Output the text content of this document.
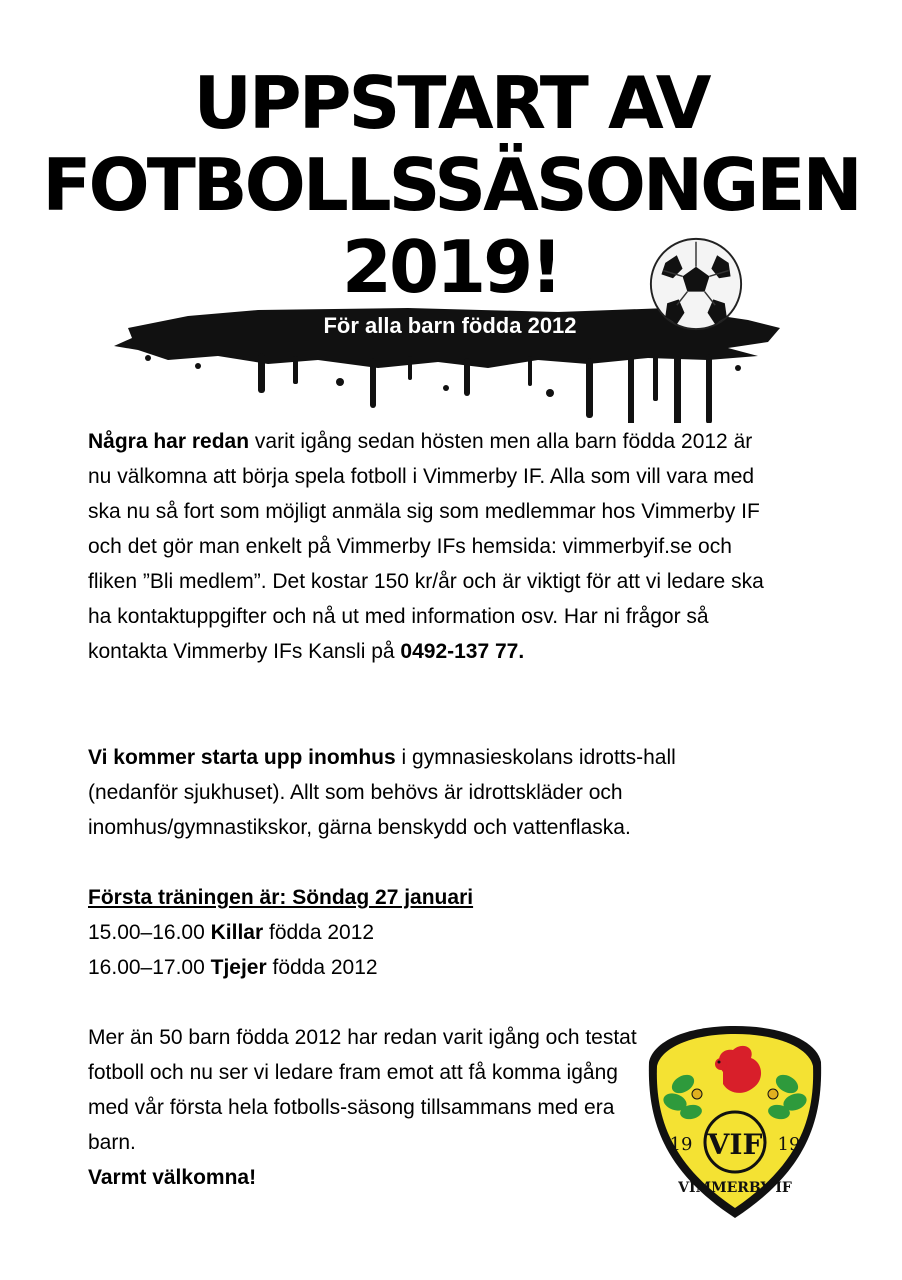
UPPSTART AV
FOTBOLLSSÄSONGEN
2019!
För alla barn födda 2012

Några har redan varit igång sedan hösten men alla barn födda 2012 är nu välkomna att börja spela fotboll i Vimmerby IF. Alla som vill vara med ska nu så fort som möjligt anmäla sig som medlemmar hos Vimmerby IF och det gör man enkelt på Vimmerby IFs hemsida: vimmerbyif.se och fliken ”Bli medlem”. Det kostar 150 kr/år och är viktigt för att vi ledare ska ha kontaktuppgifter och nå ut med information osv. Har ni frågor så kontakta Vimmerby IFs Kansli på 0492-137 77.

Vi kommer starta upp inomhus i gymnasieskolans idrotts-hall (nedanför sjukhuset). Allt som behövs är idrottskläder och inomhus/gymnastikskor, gärna benskydd och vattenflaska.

Första träningen är: Söndag 27 januari

15.00–16.00 Killar födda 2012

16.00–17.00 Tjejer födda 2012

Mer än 50 barn födda 2012 har redan varit igång och testat fotboll och nu ser vi ledare fram emot att få komma igång med vår första hela fotbolls-säsong tillsammans med era barn.

Varmt välkomna!

VIF
19	19
VIMMERBY IF
